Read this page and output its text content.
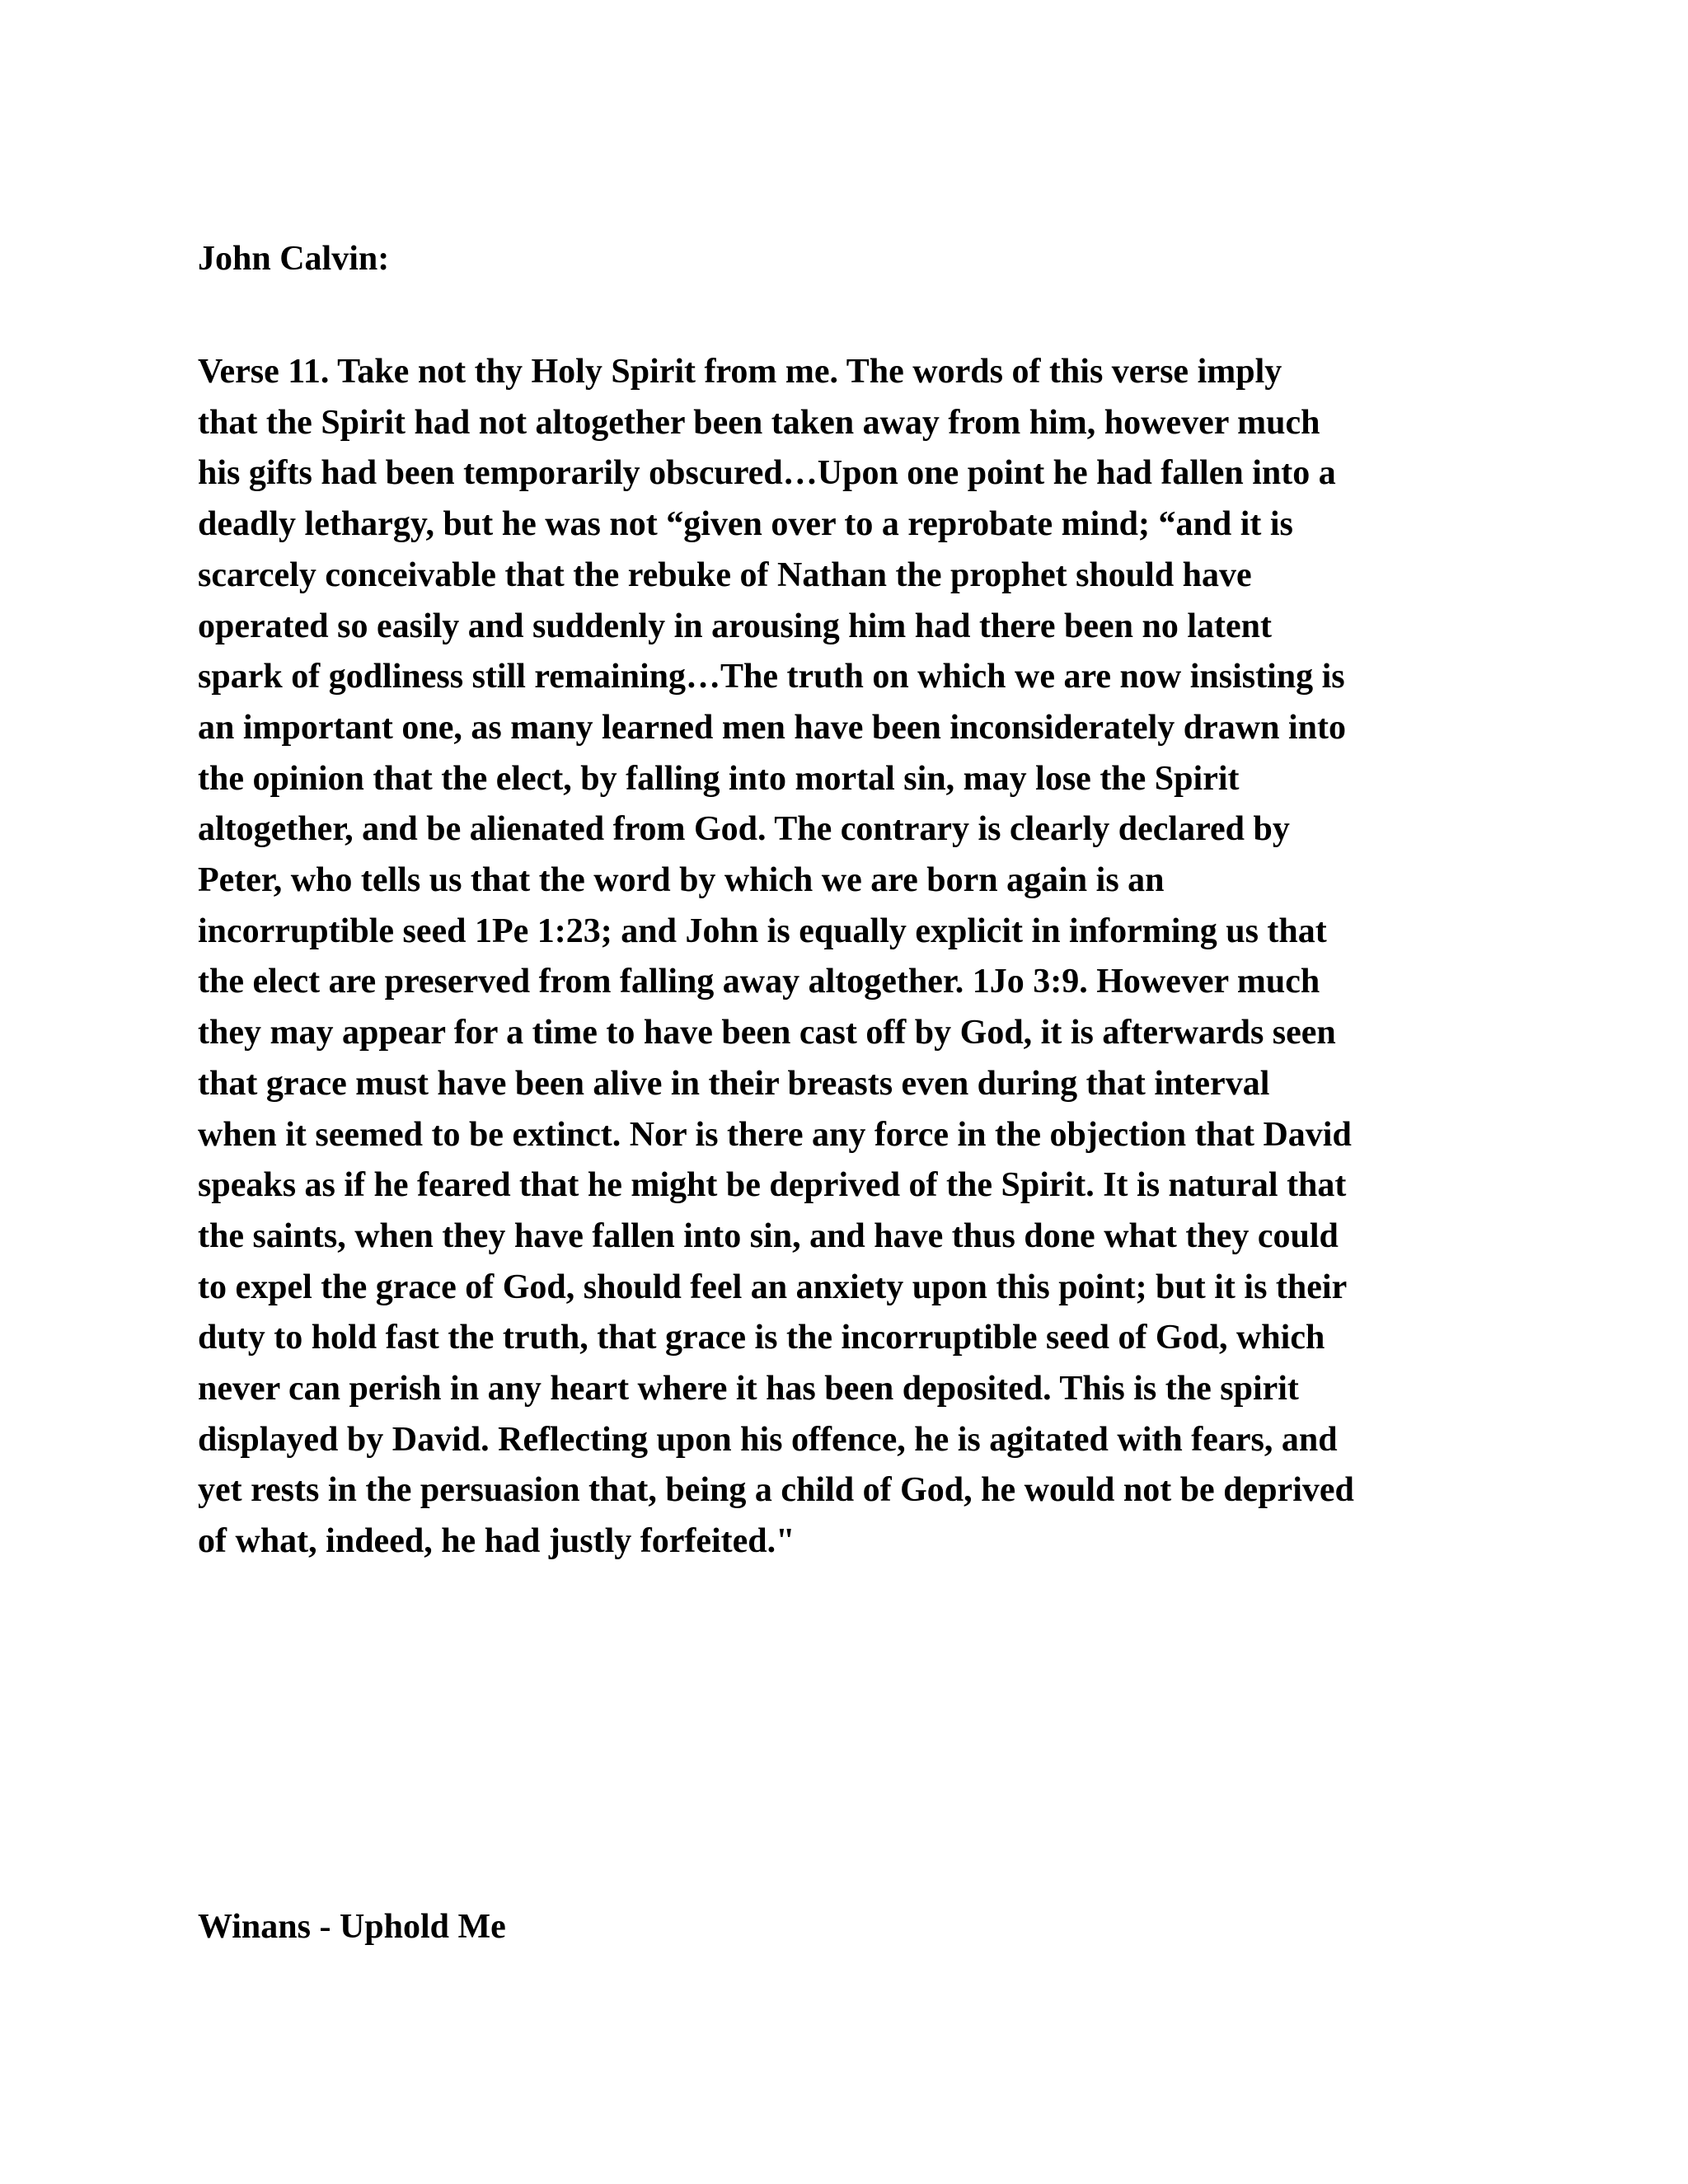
John Calvin:

Verse 11. Take not thy Holy Spirit from me. The words of this verse imply
that the Spirit had not altogether been taken away from him, however much
his gifts had been temporarily obscured…Upon one point he had fallen into a
deadly lethargy, but he was not “given over to a reprobate mind; “and it is
scarcely conceivable that the rebuke of Nathan the prophet should have
operated so easily and suddenly in arousing him had there been no latent
spark of godliness still remaining…The truth on which we are now insisting is
an important one, as many learned men have been inconsiderately drawn into
the opinion that the elect, by falling into mortal sin, may lose the Spirit
altogether, and be alienated from God. The contrary is clearly declared by
Peter, who tells us that the word by which we are born again is an
incorruptible seed 1Pe 1:23; and John is equally explicit in informing us that
the elect are preserved from falling away altogether. 1Jo 3:9. However much
they may appear for a time to have been cast off by God, it is afterwards seen
that grace must have been alive in their breasts even during that interval
when it seemed to be extinct. Nor is there any force in the objection that David
speaks as if he feared that he might be deprived of the Spirit. It is natural that
the saints, when they have fallen into sin, and have thus done what they could
to expel the grace of God, should feel an anxiety upon this point; but it is their
duty to hold fast the truth, that grace is the incorruptible seed of God, which
never can perish in any heart where it has been deposited. This is the spirit
displayed by David. Reflecting upon his offence, he is agitated with fears, and
yet rests in the persuasion that, being a child of God, he would not be deprived
of what, indeed, he had justly forfeited."

Winans - Uphold Me
